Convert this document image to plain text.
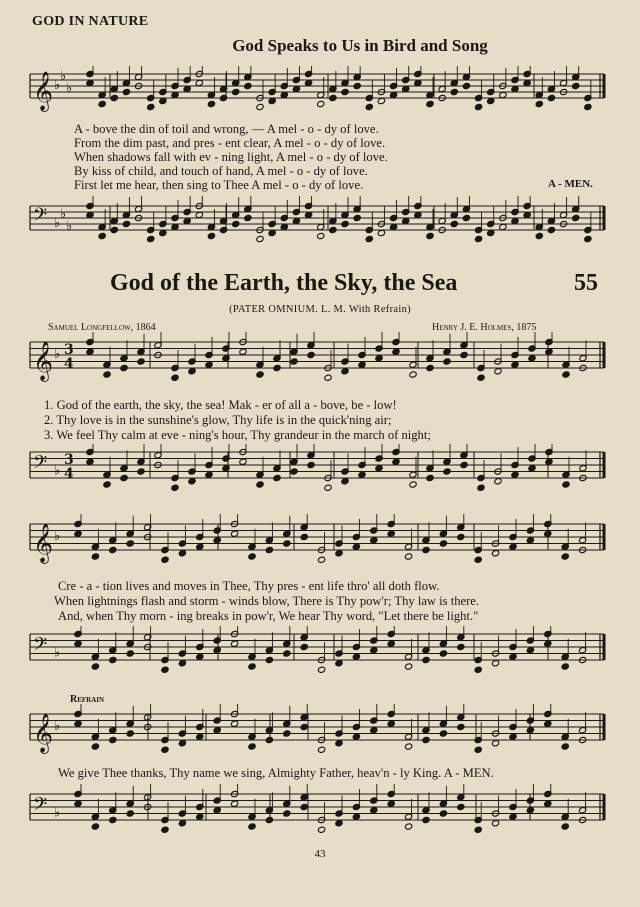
GOD IN NATURE
God Speaks to Us in Bird and Song
𝄞 ♭
♭
♭
A - bove the din of toil and wrong, — A mel - o - dy of love.
From the dim past, and pres - ent clear, A mel - o - dy of love.
When shadows fall with ev - ning light, A mel - o - dy of love.
By kiss of child, and touch of hand, A mel - o - dy of love.
First let me hear, then sing to Thee A mel - o - dy of love.	A - MEN.
𝄢 ♭
♭
♭
God of the Earth, the Sky, the Sea	55
(PATER OMNIUM. L. M. With Refrain)
Samuel Longfellow, 1864	Henry J. E. Holmes, 1875
𝄞 ♭ 3
4
1. God of the earth, the sky, the sea! Mak - er of all a - bove, be - low!
2. Thy love is in the sunshine's glow, Thy life is in the quick'ning air;
3. We feel Thy calm at eve - ning's hour, Thy grandeur in the march of night;
𝄢 ♭
3
4
𝄞 ♭
Cre - a - tion lives and moves in Thee, Thy pres - ent life thro' all doth flow.
When lightnings flash and storm - winds blow, There is Thy pow'r; Thy law is there.
And, when Thy morn - ing breaks in pow'r, We hear Thy word, "Let there be light."
𝄢 ♭
Refrain
𝄞 ♭
We give Thee thanks, Thy name we sing, Almighty Father, heav'n - ly King. A - MEN.
𝄢 ♭
43
